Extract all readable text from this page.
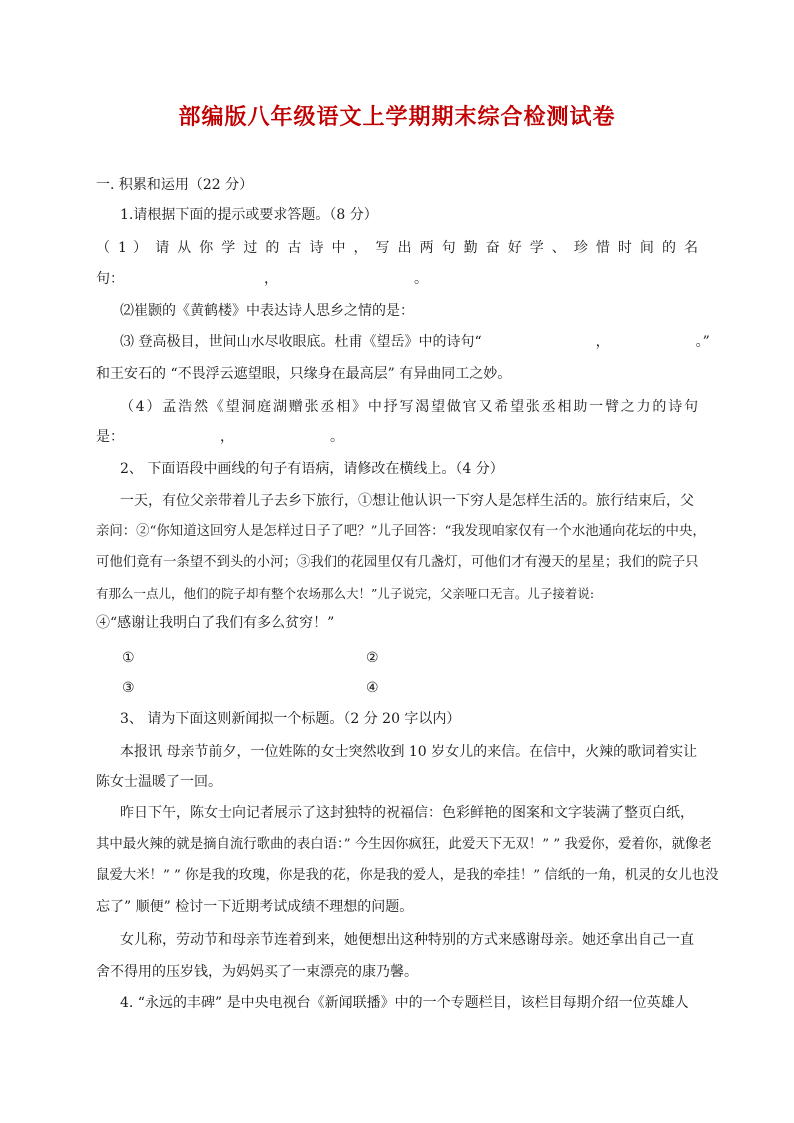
部编版八年级语文上学期期末综合检测试卷
一. 积累和运用（22 分）
1.请根据下面的提示或要求答题。（8 分）
（ 1 ） 请 从 你 学 过 的 古 诗 中 ， 写 出 两 句 勤 奋 好 学 、 珍 惜 时 间 的 名
句：	，	。
⑵崔颢的《黄鹤楼》中表达诗人思乡之情的是：
⑶ 登高极目，世间山水尽收眼底。杜甫《望岳》中的诗句“	，	。”
和王安石的 “不畏浮云遮望眼，只缘身在最高层” 有异曲同工之妙。
（4）孟浩然《望洞庭湖赠张丞相》中抒写渴望做官又希望张丞相助一臂之力的诗句
是：	，	。
2、 下面语段中画线的句子有语病，请修改在横线上。（4 分）
一天，有位父亲带着儿子去乡下旅行，①想让他认识一下穷人是怎样生活的。旅行结束后，父
亲问：②“你知道这回穷人是怎样过日子了吧？”儿子回答：“我发现咱家仅有一个水池通向花坛的中央，
可他们竟有一条望不到头的小河；③我们的花园里仅有几盏灯，可他们才有漫天的星星；我们的院子只
有那么一点儿，他们的院子却有整个农场那么大！”儿子说完，父亲哑口无言。儿子接着说:
④“感谢让我明白了我们有多么贫穷！”
①	②
③	④
3、 请为下面这则新闻拟一个标题。（2 分 20 字以内）
本报讯 母亲节前夕，一位姓陈的女士突然收到 10 岁女儿的来信。在信中，火辣的歌词着实让
陈女士温暖了一回。
昨日下午，陈女士向记者展示了这封独特的祝福信：色彩鲜艳的图案和文字装满了整页白纸，
其中最火辣的就是摘自流行歌曲的表白语：” 今生因你疯狂，此爱天下无双！” ” 我爱你，爱着你，就像老
鼠爱大米！” ” 你是我的玫瑰，你是我的花，你是我的爱人，是我的牵挂！” 信纸的一角，机灵的女儿也没
忘了” 顺便” 检讨一下近期考试成绩不理想的问题。
女儿称，劳动节和母亲节连着到来，她便想出这种特别的方式来感谢母亲。她还拿出自己一直
舍不得用的压岁钱，为妈妈买了一束漂亮的康乃馨。
4. “永远的丰碑” 是中央电视台《新闻联播》中的一个专题栏目，该栏目每期介绍一位英雄人
